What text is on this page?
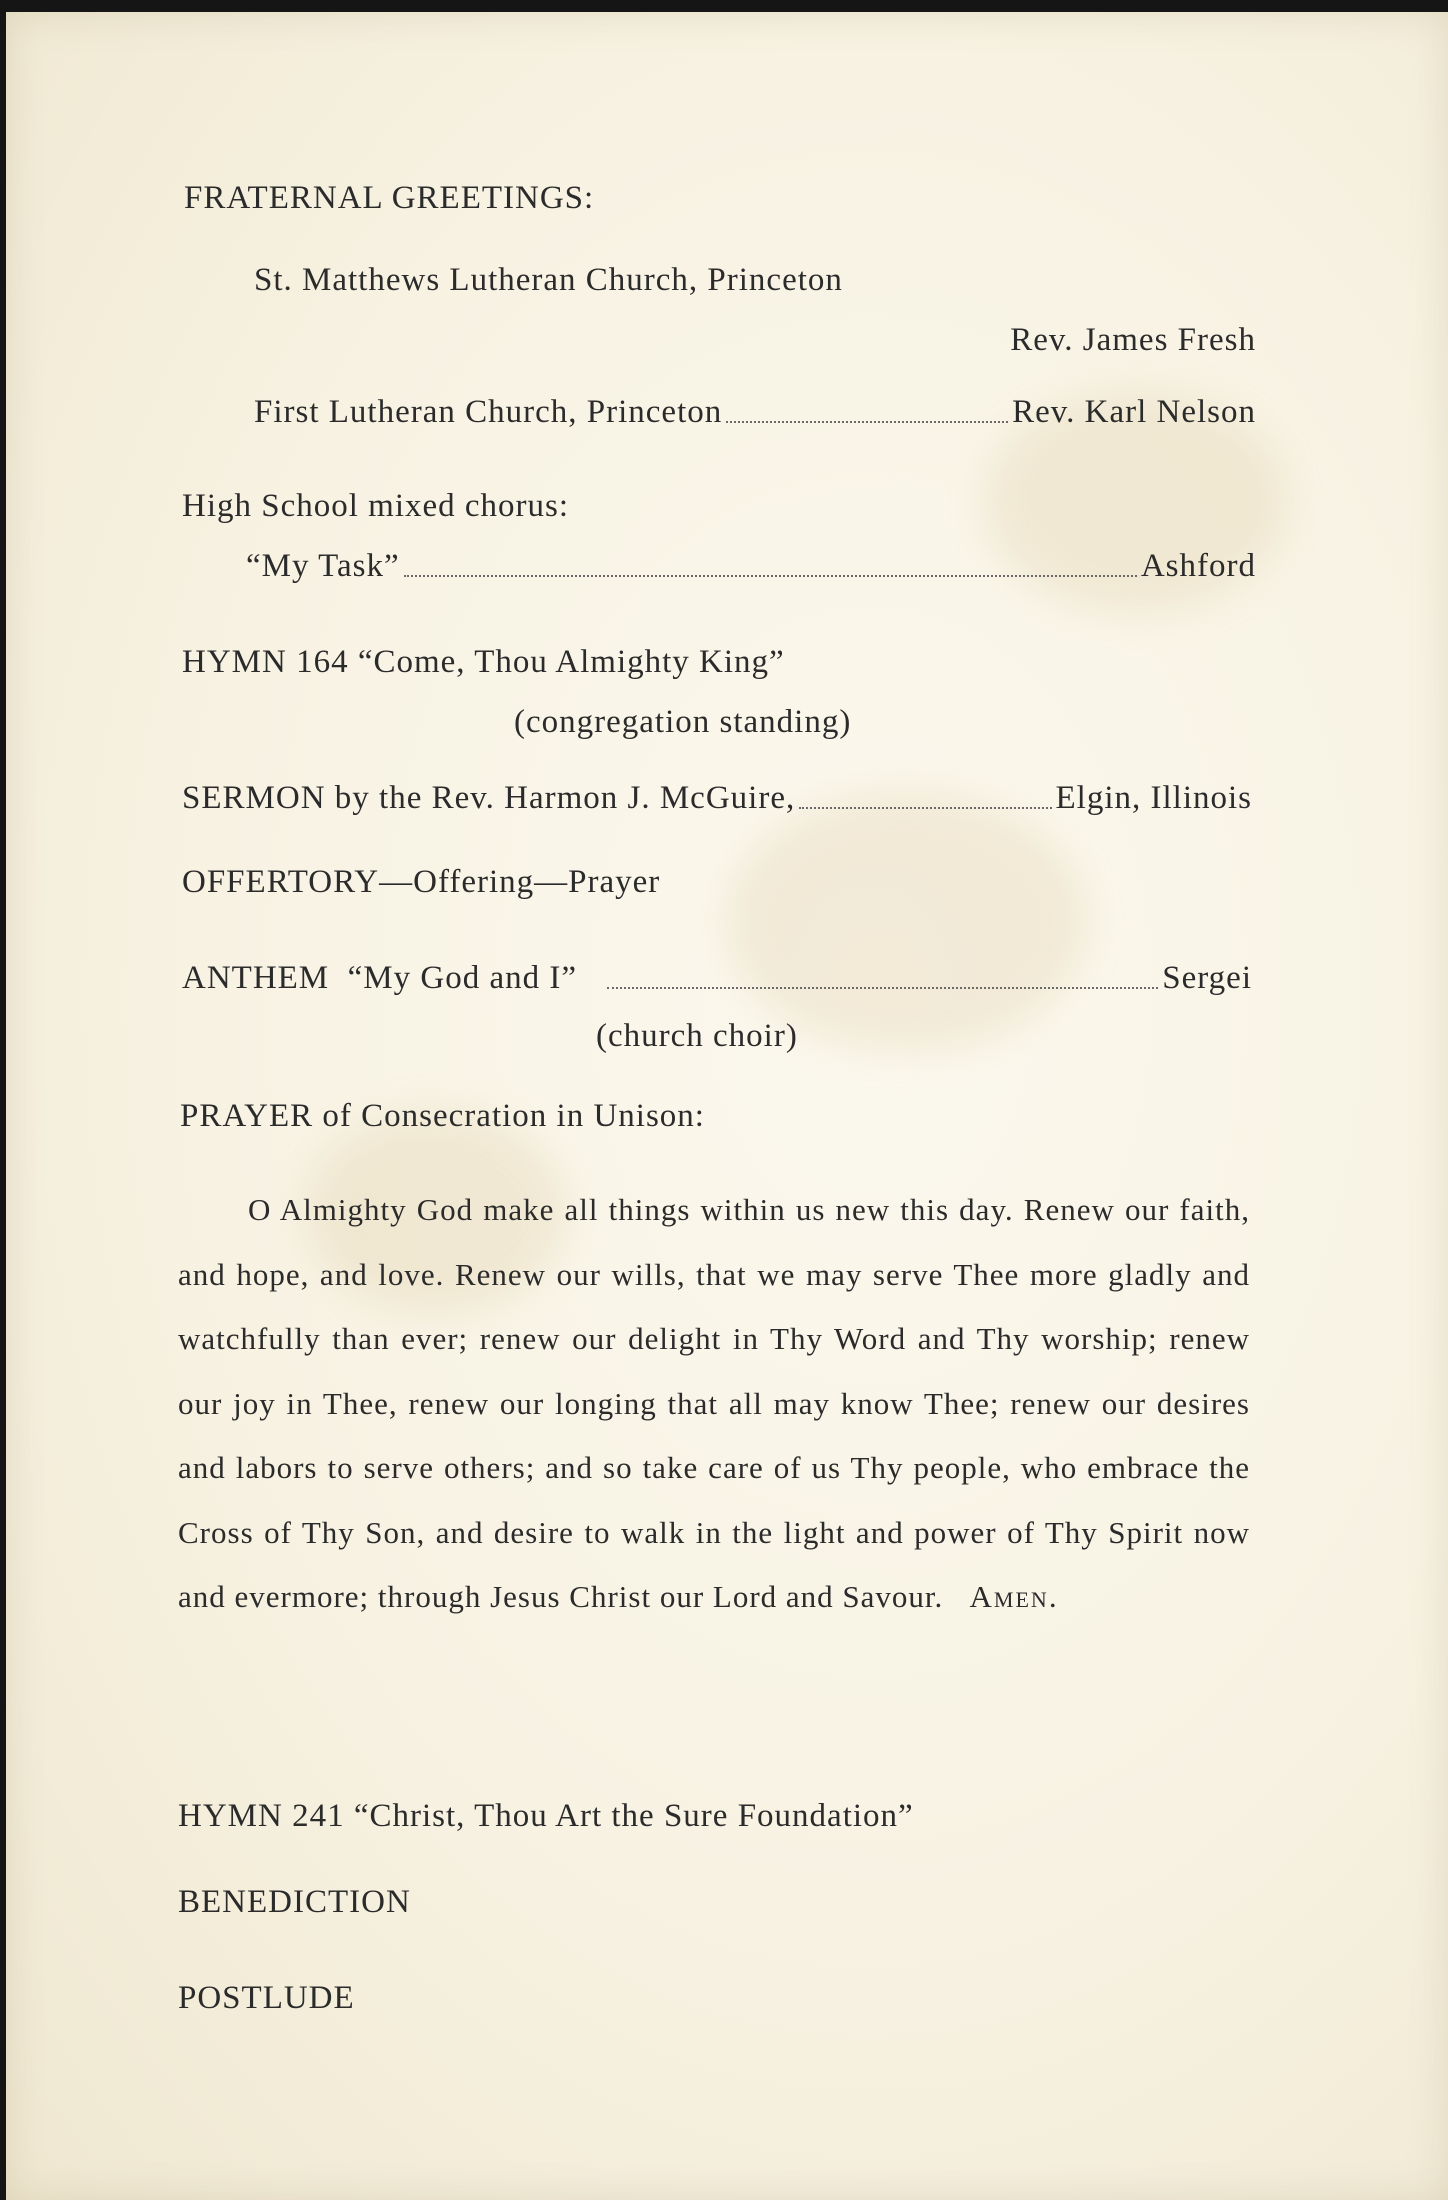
FRATERNAL GREETINGS:
St. Matthews Lutheran Church, Princeton
Rev. James Fresh
First Lutheran Church, Princeton	Rev. Karl Nelson
High School mixed chorus:
“My Task”	Ashford
HYMN 164 “Come, Thou Almighty King”
(congregation standing)
SERMON by the Rev. Harmon J. McGuire,	Elgin, Illinois
OFFERTORY—Offering—Prayer
ANTHEM  “My God and I”	Sergei
(church choir)
PRAYER of Consecration in Unison:

O Almighty God make all things within us new this day. Renew our faith, and hope, and love. Renew our wills, that we may serve Thee more gladly and watchfully than ever; renew our delight in Thy Word and Thy worship; renew our joy in Thee, renew our longing that all may know Thee; renew our desires and labors to serve others; and so take care of us Thy people, who embrace the Cross of Thy Son, and desire to walk in the light and power of Thy Spirit now and evermore; through Jesus Christ our Lord and Savour. Amen.

HYMN 241 “Christ, Thou Art the Sure Foundation”
BENEDICTION
POSTLUDE
